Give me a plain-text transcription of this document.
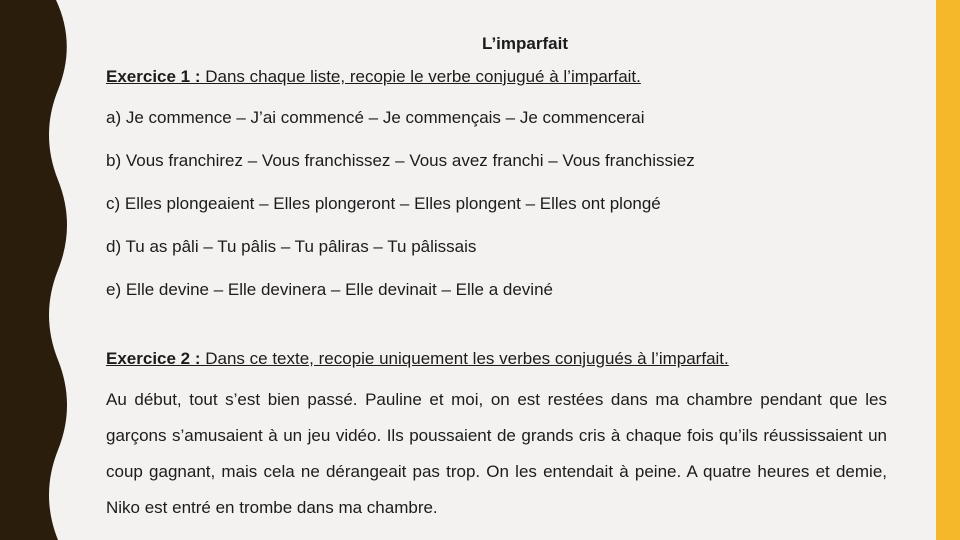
L’imparfait
Exercice 1 : Dans chaque liste, recopie le verbe conjugué à l’imparfait.
a) Je commence – J’ai commencé – Je commençais – Je commencerai
b) Vous franchirez – Vous franchissez – Vous avez franchi – Vous franchissiez
c) Elles plongeaient – Elles plongeront – Elles plongent – Elles ont plongé
d) Tu as pâli – Tu pâlis – Tu pâliras – Tu pâlissais
e) Elle devine – Elle devinera – Elle devinait – Elle a deviné
Exercice 2 : Dans ce texte, recopie uniquement les verbes conjugués à l’imparfait.
Au début, tout s’est bien passé. Pauline et moi, on est restées dans ma chambre pendant que les garçons s’amusaient à un jeu vidéo. Ils poussaient de grands cris à chaque fois qu’ils réussissaient un coup gagnant, mais cela ne dérangeait pas trop. On les entendait à peine. A quatre heures et demie, Niko est entré en trombe dans ma chambre.
